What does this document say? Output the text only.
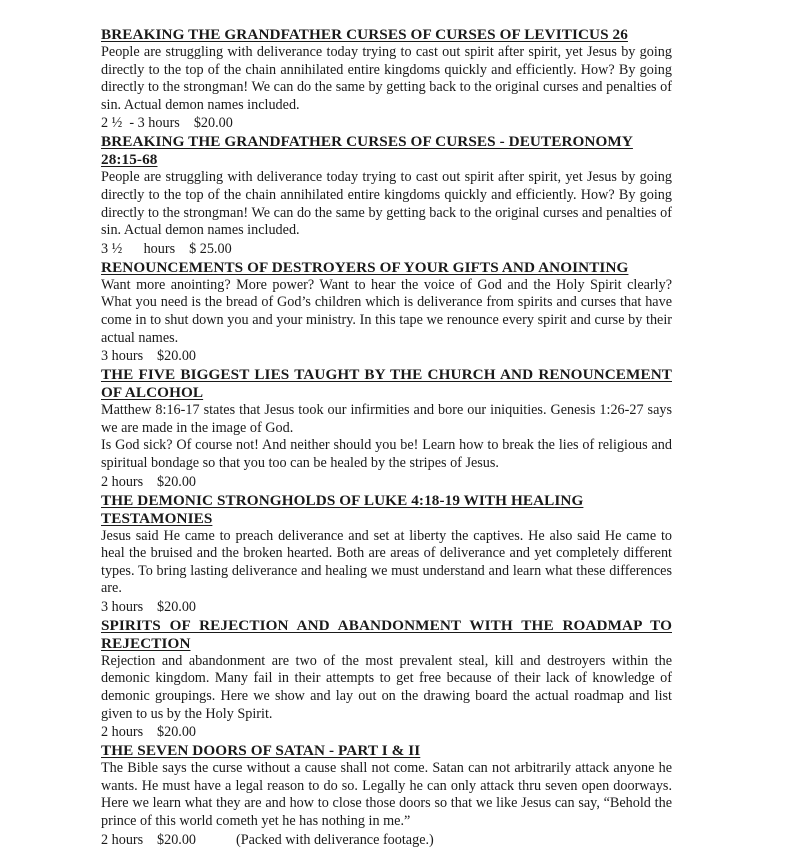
BREAKING THE GRANDFATHER CURSES OF CURSES OF LEVITICUS 26

People are struggling with deliverance today trying to cast out spirit after spirit, yet Jesus by going directly to the top of the chain annihilated entire kingdoms quickly and efficiently. How? By going directly to the strongman! We can do the same by getting back to the original curses and penalties of sin. Actual demon names included.

2 ½  - 3 hours $20.00

BREAKING THE GRANDFATHER CURSES OF CURSES - DEUTERONOMY 28:15-68

People are struggling with deliverance today trying to cast out spirit after spirit, yet Jesus by going directly to the top of the chain annihilated entire kingdoms quickly and efficiently. How? By going directly to the strongman! We can do the same by getting back to the original curses and penalties of sin. Actual demon names included.

3 ½      hours $ 25.00

RENOUNCEMENTS OF DESTROYERS OF YOUR GIFTS AND ANOINTING

Want more anointing? More power? Want to hear the voice of God and the Holy Spirit clearly? What you need is the bread of God’s children which is deliverance from spirits and curses that have come in to shut down you and your ministry. In this tape we renounce every spirit and curse by their actual names.

3 hours $20.00

THE FIVE BIGGEST LIES TAUGHT BY THE CHURCH AND RENOUNCEMENT OF ALCOHOL

Matthew 8:16-17 states that Jesus took our infirmities and bore our iniquities. Genesis 1:26-27 says we are made in the image of God.

Is God sick? Of course not! And neither should you be! Learn how to break the lies of religious and spiritual bondage so that you too can be healed by the stripes of Jesus.

2 hours $20.00

THE DEMONIC STRONGHOLDS OF LUKE 4:18-19 WITH HEALING TESTAMONIES

Jesus said He came to preach deliverance and set at liberty the captives. He also said He came to heal the bruised and the broken hearted. Both are areas of deliverance and yet completely different types. To bring lasting deliverance and healing we must understand and learn what these differences are.

3 hours $20.00

SPIRITS OF REJECTION AND ABANDONMENT WITH THE ROADMAP TO REJECTION

Rejection and abandonment are two of the most prevalent steal, kill and destroyers within the demonic kingdom. Many fail in their attempts to get free because of their lack of knowledge of demonic groupings. Here we show and lay out on the drawing board the actual roadmap and list given to us by the Holy Spirit.

2 hours $20.00

THE SEVEN DOORS OF SATAN - PART I & II

The Bible says the curse without a cause shall not come. Satan can not arbitrarily attack anyone he wants. He must have a legal reason to do so. Legally he can only attack thru seven open doorways. Here we learn what they are and how to close those doors so that we like Jesus can say, “Behold the prince of this world cometh yet he has nothing in me.”

2 hours $20.00	(Packed with deliverance footage.)
